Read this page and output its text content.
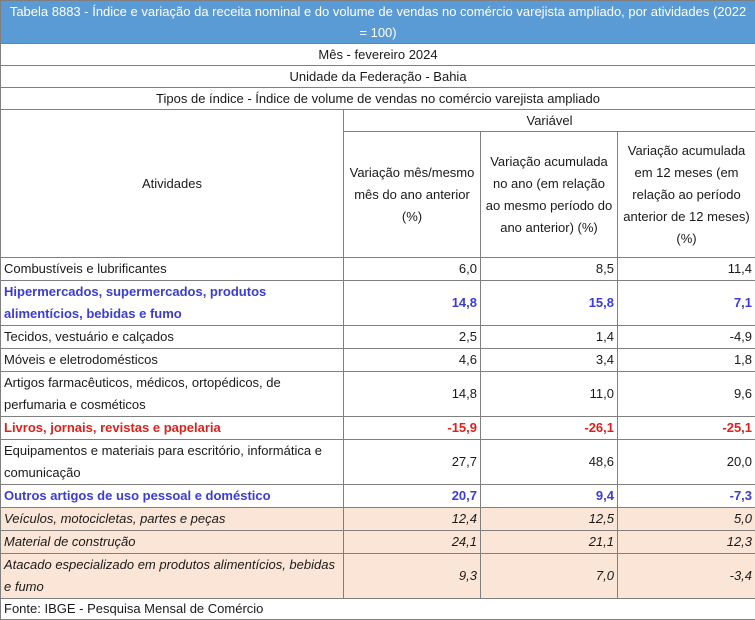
Tabela 8883 - Índice e variação da receita nominal e do volume de vendas no comércio varejista ampliado, por atividades (2022 = 100)			
Mês - fevereiro 2024			
Unidade da Federação - Bahia			
Tipos de índice - Índice de volume de vendas no comércio varejista ampliado			
Atividades	Variável		
	Variação mês/mesmo mês do ano anterior (%)	Variação acumulada no ano (em relação ao mesmo período do ano anterior) (%)	Variação acumulada em 12 meses (em relação ao período anterior de 12 meses) (%)
Combustíveis e lubrificantes	6,0	8,5	11,4
Hipermercados, supermercados, produtos alimentícios, bebidas e fumo	14,8	15,8	7,1
Tecidos, vestuário e calçados	2,5	1,4	-4,9
Móveis e eletrodomésticos	4,6	3,4	1,8
Artigos farmacêuticos, médicos, ortopédicos, de perfumaria e cosméticos	14,8	11,0	9,6
Livros, jornais, revistas e papelaria	-15,9	-26,1	-25,1
Equipamentos e materiais para escritório, informática e comunicação	27,7	48,6	20,0
Outros artigos de uso pessoal e doméstico	20,7	9,4	-7,3
Veículos, motocicletas, partes e peças	12,4	12,5	5,0
Material de construção	24,1	21,1	12,3
Atacado especializado em produtos alimentícios, bebidas e fumo	9,3	7,0	-3,4
Fonte: IBGE - Pesquisa Mensal de Comércio			
